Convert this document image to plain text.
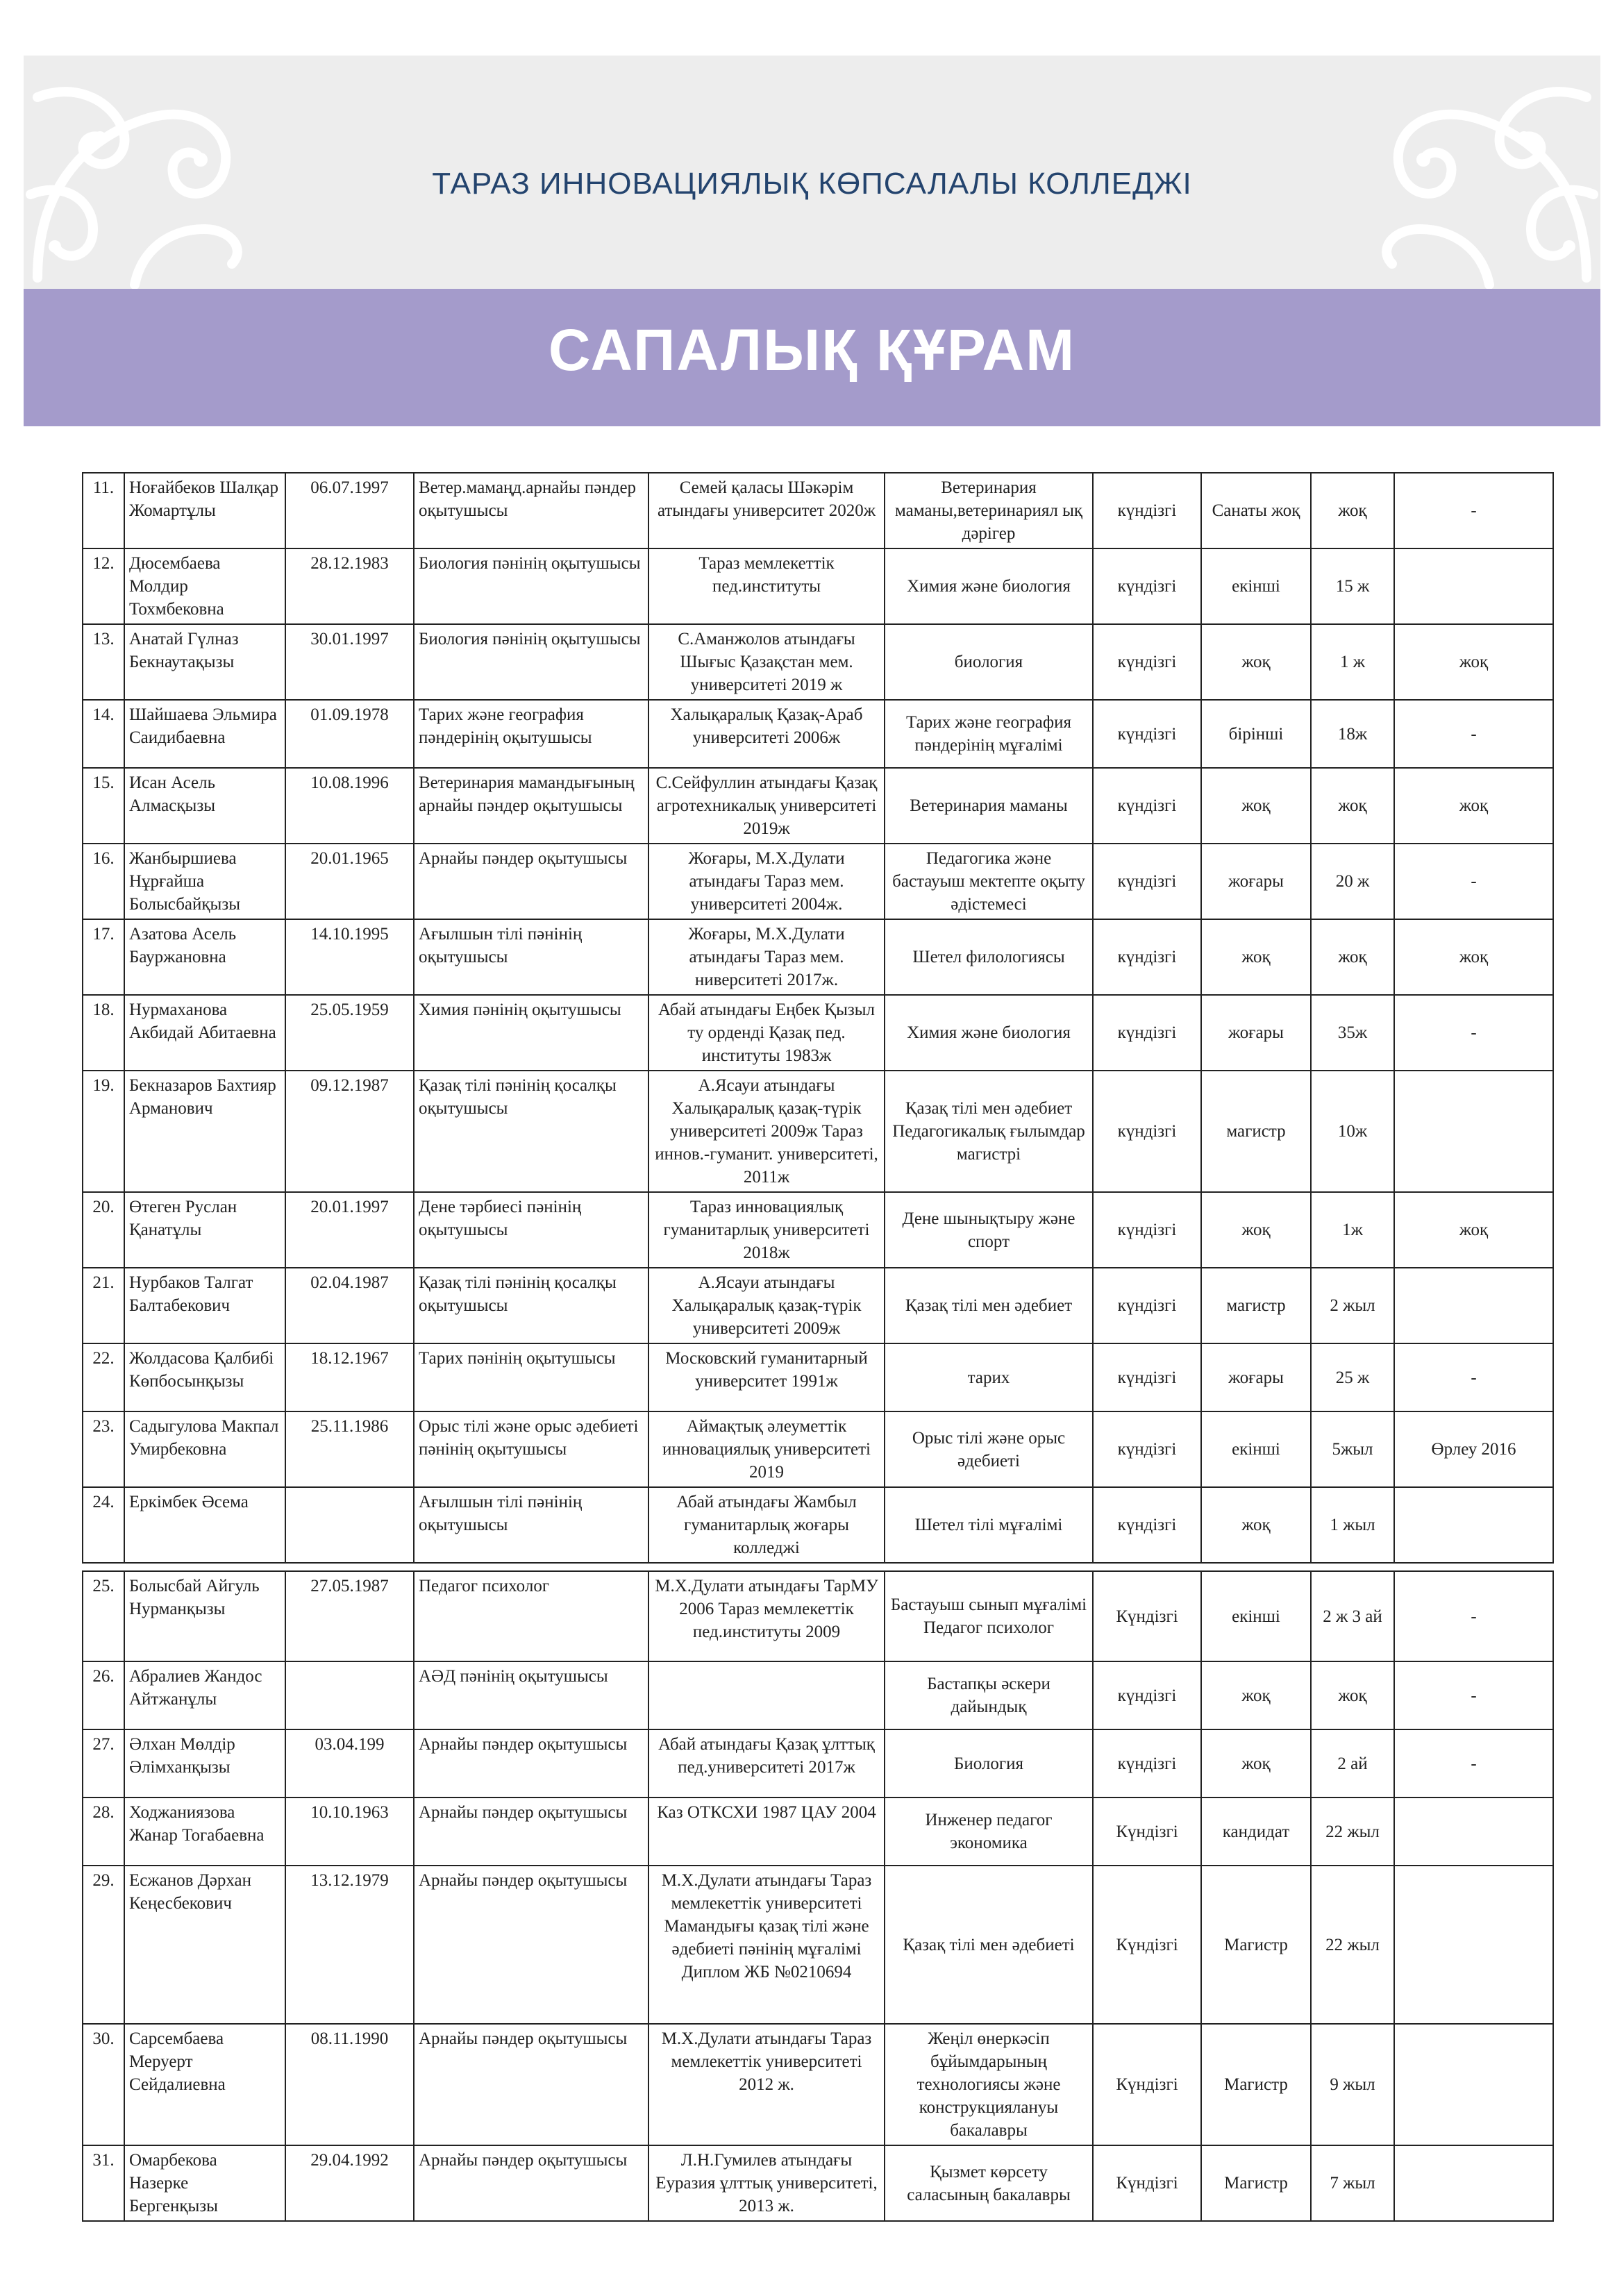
ТАРАЗ ИННОВАЦИЯЛЫҚ КӨПСАЛАЛЫ КОЛЛЕДЖІ
САПАЛЫҚ ҚҰРАМ
11.	Ноғайбеков Шалқар Жомартұлы	06.07.1997	Ветер.мамаңд.арнайы пәндер оқытушысы	Семей қаласы Шәкәрім атындағы университет 2020ж	Ветеринария маманы,ветеринариял ық дәрігер	күндізгі	Санаты жоқ	жоқ	-
12.	Дюсембаева Молдир Тохмбековна	28.12.1983	Биология пәнінің оқытушысы	Тараз мемлекеттік пед.институты	Химия және биология	күндізгі	екінші	15 ж	
13.	Анатай Гүлназ Бекнаутақызы	30.01.1997	Биология пәнінің оқытушысы	С.Аманжолов атындағы Шығыс Қазақстан мем. университеті 2019 ж	биология	күндізгі	жоқ	1 ж	жоқ
14.	Шайшаева Эльмира Саидибаевна	01.09.1978	Тарих және география пәндерінің оқытушысы	Халықаралық Қазақ-Араб университеті 2006ж	Тарих және география пәндерінің мұғалімі	күндізгі	бірінші	18ж	-
15.	Исан Асель Алмасқызы	10.08.1996	Ветеринария мамандығының арнайы пәндер оқытушысы	С.Сейфуллин атындағы Қазақ агротехникалық университеті 2019ж	Ветеринария маманы	күндізгі	жоқ	жоқ	жоқ
16.	Жанбыршиева Нұрғайша Болысбайқызы	20.01.1965	Арнайы пәндер оқытушысы	Жоғары, М.Х.Дулати атындағы Тараз мем. университеті 2004ж.	Педагогика және бастауыш мектепте оқыту әдістемесі	күндізгі	жоғары	20 ж	-
17.	Азатова Асель Бауржановна	14.10.1995	Ағылшын тілі пәнінің оқытушысы	Жоғары, М.Х.Дулати атындағы Тараз мем. ниверситеті 2017ж.	Шетел филологиясы	күндізгі	жоқ	жоқ	жоқ
18.	Нурмаханова Акбидай Абитаевна	25.05.1959	Химия пәнінің оқытушысы	Абай атындағы Еңбек Қызыл ту орденді Қазақ пед. институты 1983ж	Химия және биология	күндізгі	жоғары	35ж	-
19.	Бекназаров Бахтияр Арманович	09.12.1987	Қазақ тілі пәнінің қосалқы оқытушысы	А.Ясауи атындағы Халықаралық қазақ-түрік университеті 2009ж Тараз иннов.-гуманит. университеті, 2011ж	Қазақ тілі мен әдебиет Педагогикалық ғылымдар магистрі	күндізгі	магистр	10ж	
20.	Өтеген Руслан Қанатұлы	20.01.1997	Дене тәрбиесі пәнінің оқытушысы	Тараз инновациялық гуманитарлық университеті 2018ж	Дене шынықтыру және спорт	күндізгі	жоқ	1ж	жоқ
21.	Нурбаков Талгат Балтабекович	02.04.1987	Қазақ тілі пәнінің қосалқы оқытушысы	А.Ясауи атындағы Халықаралық қазақ-түрік университеті 2009ж	Қазақ тілі мен әдебиет	күндізгі	магистр	2 жыл	
22.	Жолдасова Қалбибі Көпбосынқызы	18.12.1967	Тарих пәнінің оқытушысы	Московский гуманитарный университет 1991ж	тарих	күндізгі	жоғары	25 ж	-
23.	Садыгулова Макпал Умирбековна	25.11.1986	Орыс тілі және орыс әдебиеті пәнінің оқытушысы	Аймақтық әлеуметтік инновациялық университеті 2019	Орыс тілі және орыс әдебиеті	күндізгі	екінші	5жыл	Өрлеу 2016
24.	Еркімбек Әсема		Ағылшын тілі пәнінің оқытушысы	Абай атындағы Жамбыл гуманитарлық жоғары колледжі	Шетел тілі мұғалімі	күндізгі	жоқ	1 жыл	

25.	Болысбай Айгуль Нурманқызы	27.05.1987	Педагог психолог	М.Х.Дулати атындағы ТарМУ 2006 Тараз мемлекеттік пед.институты 2009	Бастауыш сынып мұғалімі Педагог психолог	Күндізгі	екінші	2 ж 3 ай	-
26.	Абралиев Жандос Айтжанұлы		АӘД пәнінің оқытушысы		Бастапқы әскери дайындық	күндізгі	жоқ	жоқ	-
27.	Әлхан Мөлдір Әлімханқызы	03.04.199	Арнайы пәндер оқытушысы	Абай атындағы Қазақ ұлттық пед.университеті 2017ж	Биология	күндізгі	жоқ	2 ай	-
28.	Ходжаниязова Жанар Тогабаевна	10.10.1963	Арнайы пәндер оқытушысы	Каз ОТКСХИ 1987 ЦАУ 2004	Инженер педагог экономика	Күндізгі	кандидат	22 жыл	
29.	Есжанов Дәрхан Кеңесбекович	13.12.1979	Арнайы пәндер оқытушысы	М.Х.Дулати атындағы Тараз мемлекеттік университеті Мамандығы қазақ тілі және әдебиеті пәнінің мұғалімі Диплом ЖБ №0210694	Қазақ тілі мен әдебиеті	Күндізгі	Магистр	22 жыл	
30.	Сарсембаева Меруерт Сейдалиевна	08.11.1990	Арнайы пәндер оқытушысы	М.Х.Дулати атындағы Тараз мемлекеттік университеті 2012 ж.	Жеңіл өнеркәсіп бұйымдарының технологиясы және конструкциялануы бакалавры	Күндізгі	Магистр	9 жыл	
31.	Омарбекова Назерке Бергенқызы	29.04.1992	Арнайы пәндер оқытушысы	Л.Н.Гумилев атындағы Еуразия ұлттық университеті, 2013 ж.	Қызмет көрсету саласының бакалавры	Күндізгі	Магистр	7 жыл	
